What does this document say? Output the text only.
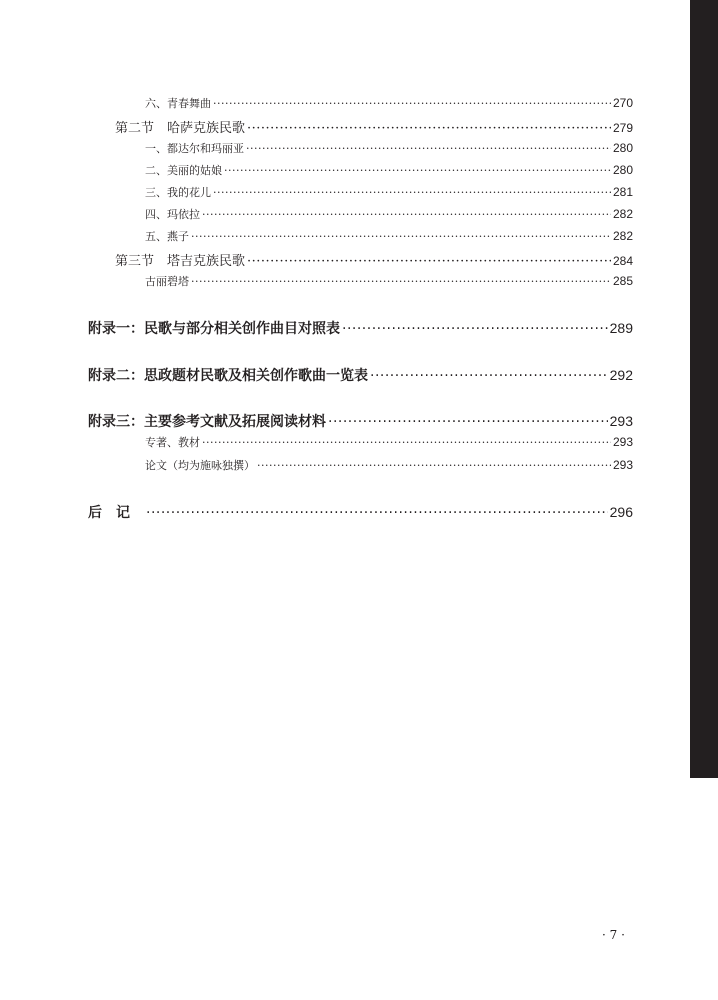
六、青春舞曲 ·····	270
第二节　哈萨克族民歌 ·····	279
一、都达尔和玛丽亚 ·····	280
二、美丽的姑娘 ·····	280
三、我的花儿 ·····	281
四、玛依拉 ·····	282
五、燕子 ·····	282
第三节　塔吉克族民歌 ·····	284
古丽碧塔 ·····	285
附录一：民歌与部分相关创作曲目对照表 ·····	289
附录二：思政题材民歌及相关创作歌曲一览表 ·····	292
附录三：主要参考文献及拓展阅读材料 ·····	293
专著、教材 ·····	293
论文（均为施咏独撰） ·····	293
后记 ·····	296
· 7 ·
